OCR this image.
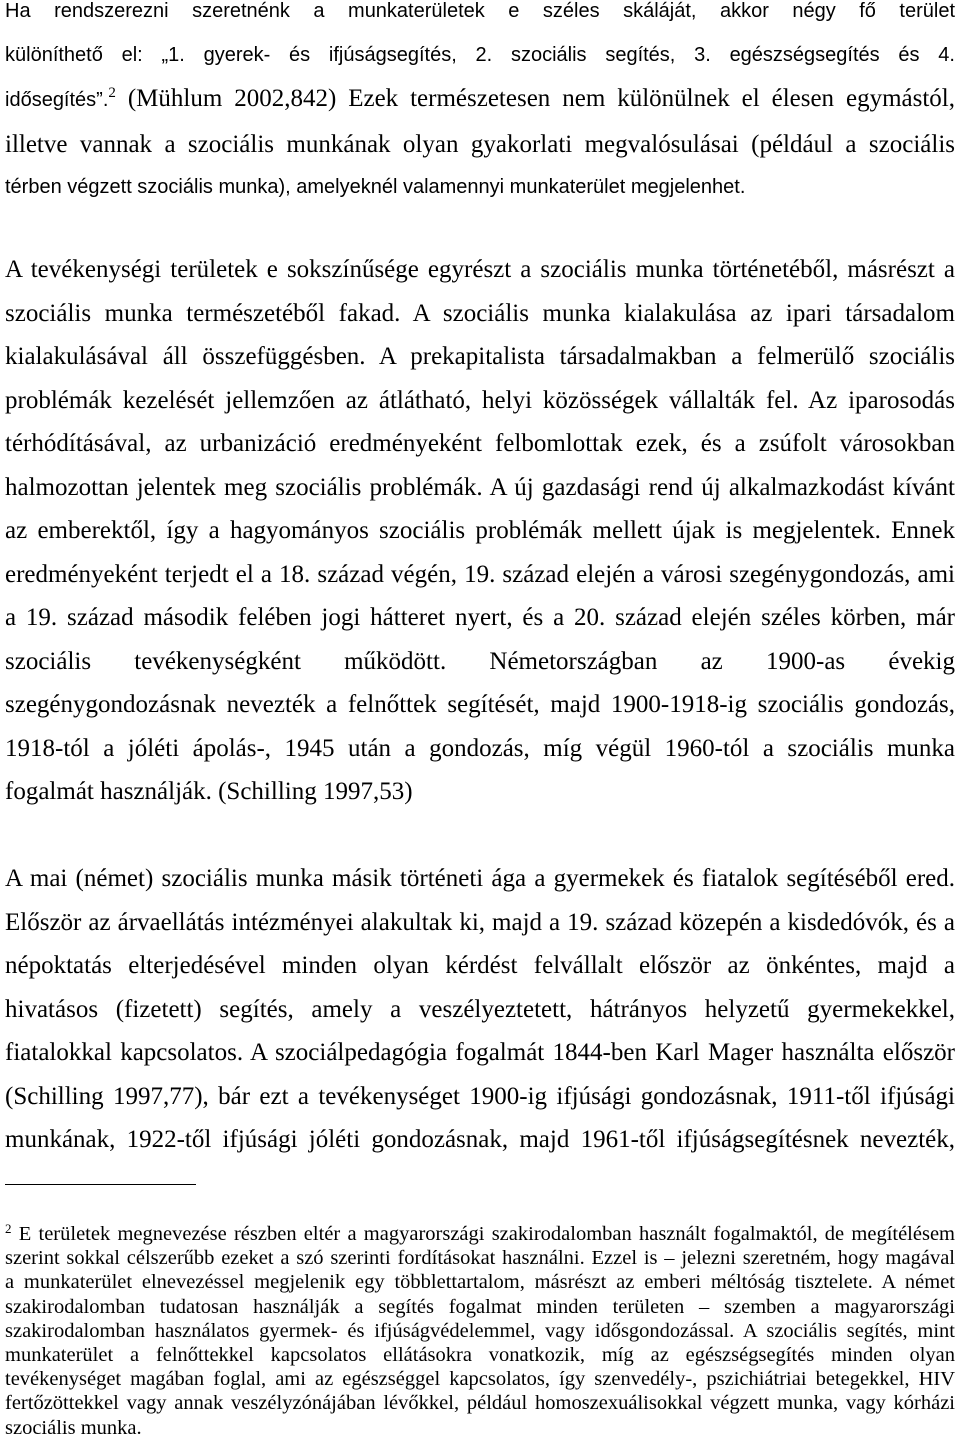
Ha rendszerezni szeretnénk a munkaterületek e széles skáláját, akkor négy fő terület
különíthető el: „1. gyerek- és ifjúságsegítés, 2. szociális segítés, 3. egészségsegítés és 4.
idősegítés”.$^2$ (Mühlum 2002,842) Ezek természetesen nem különülnek el élesen egymástól,
illetve vannak a szociális munkának olyan gyakorlati megvalósulásai (például a szociális
térben végzett szociális munka), amelyeknél valamennyi munkaterület megjelenhet.
A tevékenységi területek e sokszínűsége egyrészt a szociális munka történetéből, másrészt a
szociális munka természetéből fakad. A szociális munka kialakulása az ipari társadalom
kialakulásával áll összefüggésben. A prekapitalista társadalmakban a felmerülő szociális
problémák kezelését jellemzően az átlátható, helyi közösségek vállalták fel. Az iparosodás
térhódításával, az urbanizáció eredményeként felbomlottak ezek, és a zsúfolt városokban
halmozottan jelentek meg szociális problémák. A új gazdasági rend új alkalmazkodást kívánt
az emberektől, így a hagyományos szociális problémák mellett újak is megjelentek. Ennek
eredményeként terjedt el a 18. század végén, 19. század elején a városi szegénygondozás, ami
a 19. század második felében jogi hátteret nyert, és a 20. század elején széles körben, már
szociális tevékenységként működött. Németországban az 1900-as évekig
szegénygondozásnak nevezték a felnőttek segítését, majd 1900-1918-ig szociális gondozás,
1918-tól a jóléti ápolás-, 1945 után a gondozás, míg végül 1960-tól a szociális munka
fogalmát használják. (Schilling 1997,53)
A mai (német) szociális munka másik történeti ága a gyermekek és fiatalok segítéséből ered.
Először az árvaellátás intézményei alakultak ki, majd a 19. század közepén a kisdedóvók, és a
népoktatás elterjedésével minden olyan kérdést felvállalt először az önkéntes, majd a
hivatásos (fizetett) segítés, amely a veszélyeztetett, hátrányos helyzetű gyermekekkel,
fiatalokkal kapcsolatos. A szociálpedagógia fogalmát 1844-ben Karl Mager használta először
(Schilling 1997,77), bár ezt a tevékenységet 1900-ig ifjúsági gondozásnak, 1911-től ifjúsági
munkának, 1922-től ifjúsági jóléti gondozásnak, majd 1961-től ifjúságsegítésnek nevezték,
$^2$ E területek megnevezése részben eltér a magyarországi szakirodalomban használt fogalmaktól, de megítélésem
szerint sokkal célszerűbb ezeket a szó szerinti fordításokat használni. Ezzel is – jelezni szeretném, hogy magával
a munkaterület elnevezéssel megjelenik egy többlettartalom, másrészt az emberi méltóság tisztelete. A német
szakirodalomban tudatosan használják a segítés fogalmat minden területen – szemben a magyarországi
szakirodalomban használatos gyermek- és ifjúságvédelemmel, vagy idősgondozással. A szociális segítés, mint
munkaterület a felnőttekkel kapcsolatos ellátásokra vonatkozik, míg az egészségsegítés minden olyan
tevékenységet magában foglal, ami az egészséggel kapcsolatos, így szenvedély-, pszichiátriai betegekkel, HIV
fertőzöttekkel vagy annak veszélyzónájában lévőkkel, például homoszexuálisokkal végzett munka, vagy kórházi
szociális munka.
